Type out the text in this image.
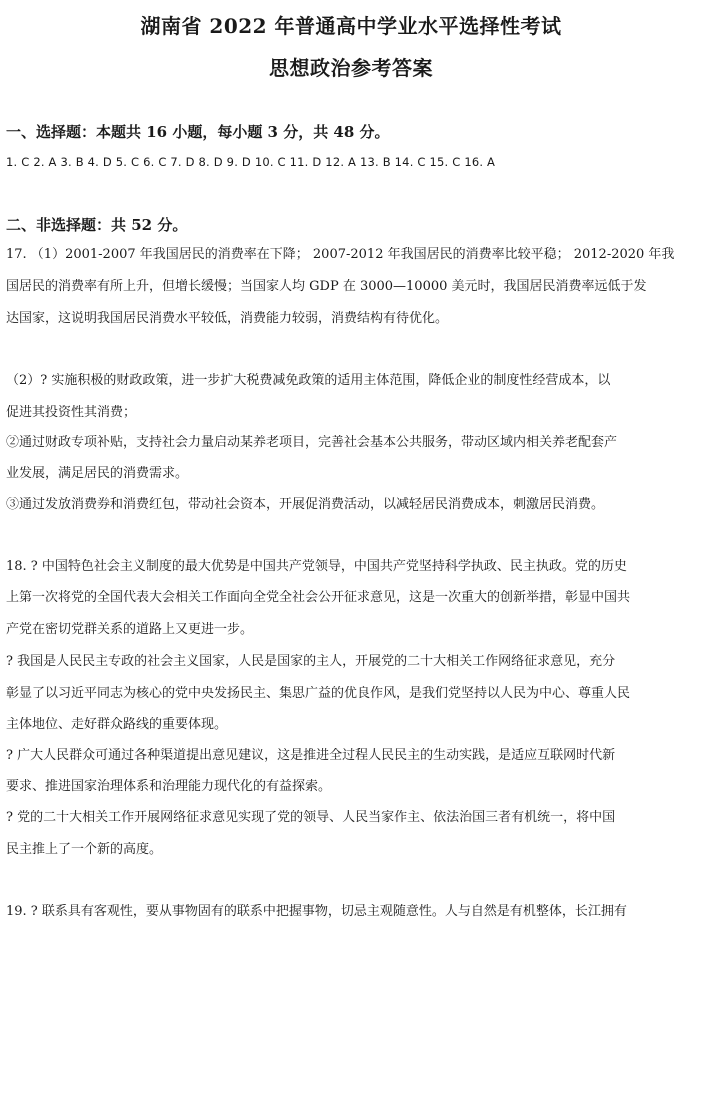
湖南省 2022 年普通高中学业水平选择性考试
思想政治参考答案
一、选择题：本题共 16 小题，每小题 3 分，共 48 分。
1. C 2. A 3. B 4. D 5. C 6. C 7. D 8. D 9. D 10. C 11. D 12. A 13. B 14. C 15. C 16. A
二、非选择题：共 52 分。
17. （1）2001-2007 年我国居民的消费率在下降； 2007-2012 年我国居民的消费率比较平稳； 2012-2020 年我
国居民的消费率有所上升，但增长缓慢；当国家人均 GDP 在 3000—10000 美元时，我国居民消费率远低于发
达国家，这说明我国居民消费水平较低，消费能力较弱，消费结构有待优化。
（2）? 实施积极的财政政策，进一步扩大税费减免政策的适用主体范围，降低企业的制度性经营成本，以
促进其投资性其消费；
②通过财政专项补贴，支持社会力量启动某养老项目，完善社会基本公共服务，带动区域内相关养老配套产
业发展，满足居民的消费需求。
③通过发放消费券和消费红包，带动社会资本，开展促消费活动，以减轻居民消费成本，刺激居民消费。
18. ? 中国特色社会主义制度的最大优势是中国共产党领导，中国共产党坚持科学执政、民主执政。党的历史
上第一次将党的全国代表大会相关工作面向全党全社会公开征求意见，这是一次重大的创新举措，彰显中国共
产党在密切党群关系的道路上又更进一步。
? 我国是人民民主专政的社会主义国家，人民是国家的主人，开展党的二十大相关工作网络征求意见，充分
彰显了以习近平同志为核心的党中央发扬民主、集思广益的优良作风，是我们党坚持以人民为中心、尊重人民
主体地位、走好群众路线的重要体现。
? 广大人民群众可通过各种渠道提出意见建议，这是推进全过程人民民主的生动实践，是适应互联网时代新
要求、推进国家治理体系和治理能力现代化的有益探索。
? 党的二十大相关工作开展网络征求意见实现了党的领导、人民当家作主、依法治国三者有机统一，将中国
民主推上了一个新的高度。
19. ? 联系具有客观性，要从事物固有的联系中把握事物，切忌主观随意性。人与自然是有机整体，长江拥有
